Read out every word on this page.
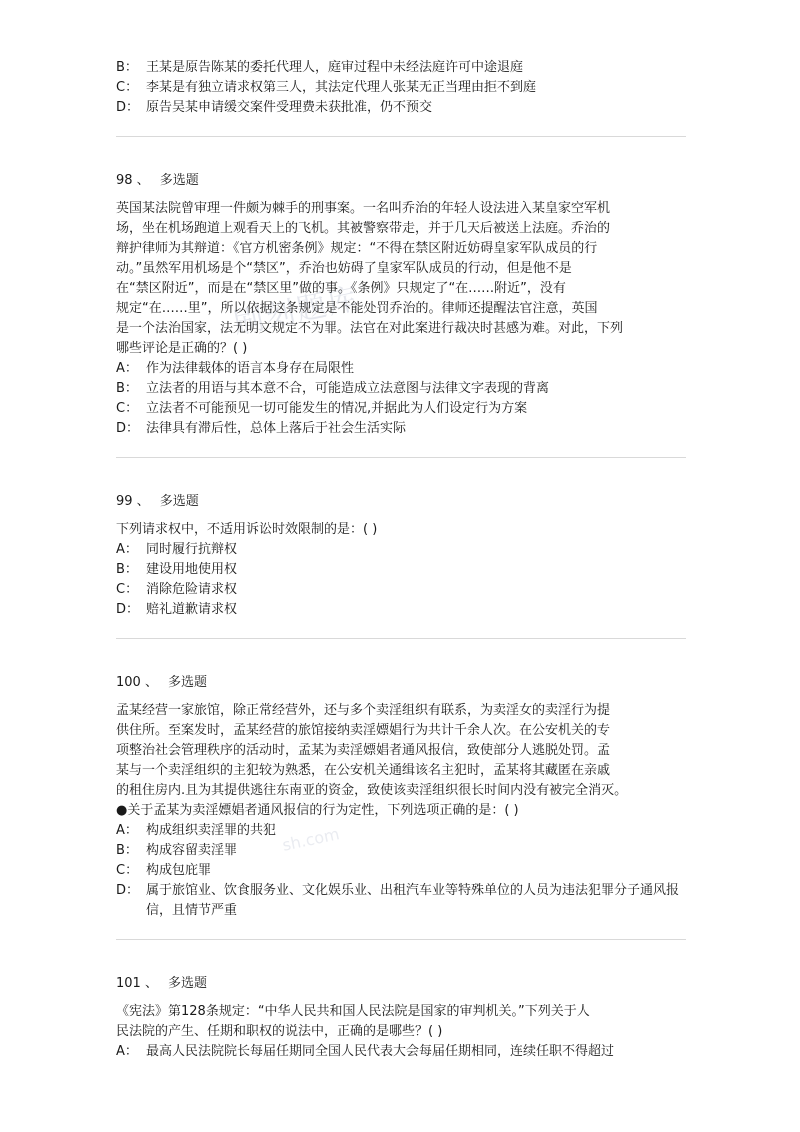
刷刻题库
sh.com
B： 王某是原告陈某的委托代理人，庭审过程中未经法庭许可中途退庭
C： 李某是有独立请求权第三人，其法定代理人张某无正当理由拒不到庭
D： 原告吴某申请缓交案件受理费未获批准，仍不预交

98 、 多选题

英国某法院曾审理一件颇为棘手的刑事案。一名叫乔治的年轻人设法进入某皇家空军机

场，坐在机场跑道上观看天上的飞机。其被警察带走，并于几天后被送上法庭。乔治的

辩护律师为其辩道：《官方机密条例》规定：“不得在禁区附近妨碍皇家军队成员的行

动。”虽然军用机场是个“禁区”，乔治也妨碍了皇家军队成员的行动，但是他不是

在“禁区附近”，而是在“禁区里”做的事。《条例》只规定了“在……附近”，没有

规定“在……里”，所以依据这条规定是不能处罚乔治的。律师还提醒法官注意，英国

是一个法治国家，法无明文规定不为罪。法官在对此案进行裁决时甚感为难。对此，下列

哪些评论是正确的？( )

A： 作为法律载体的语言本身存在局限性
B： 立法者的用语与其本意不合，可能造成立法意图与法律文字表现的背离
C： 立法者不可能预见一切可能发生的情况,并据此为人们设定行为方案
D： 法律具有滞后性，总体上落后于社会生活实际

99 、 多选题

下列请求权中，不适用诉讼时效限制的是：( )

A： 同时履行抗辩权
B： 建设用地使用权
C： 消除危险请求权
D： 赔礼道歉请求权

100 、 多选题

孟某经营一家旅馆，除正常经营外，还与多个卖淫组织有联系，为卖淫女的卖淫行为提

供住所。至案发时，孟某经营的旅馆接纳卖淫嫖娼行为共计千余人次。在公安机关的专

项整治社会管理秩序的活动时，孟某为卖淫嫖娼者通风报信，致使部分人逃脱处罚。孟

某与一个卖淫组织的主犯较为熟悉，在公安机关通缉该名主犯时，孟某将其藏匿在亲戚

的租住房内.且为其提供逃往东南亚的资金，致使该卖淫组织很长时间内没有被完全消灭。

●关于孟某为卖淫嫖娼者通风报信的行为定性，下列选项正确的是：( )

A： 构成组织卖淫罪的共犯
B： 构成容留卖淫罪
C： 构成包庇罪
D： 属于旅馆业、饮食服务业、文化娱乐业、出租汽车业等特殊单位的人员为违法犯罪分子通风报信，且情节严重

101 、 多选题

《宪法》第128条规定：“中华人民共和国人民法院是国家的审判机关。”下列关于人

民法院的产生、任期和职权的说法中，正确的是哪些？( )

A： 最高人民法院院长每届任期同全国人民代表大会每届任期相同，连续任职不得超过
